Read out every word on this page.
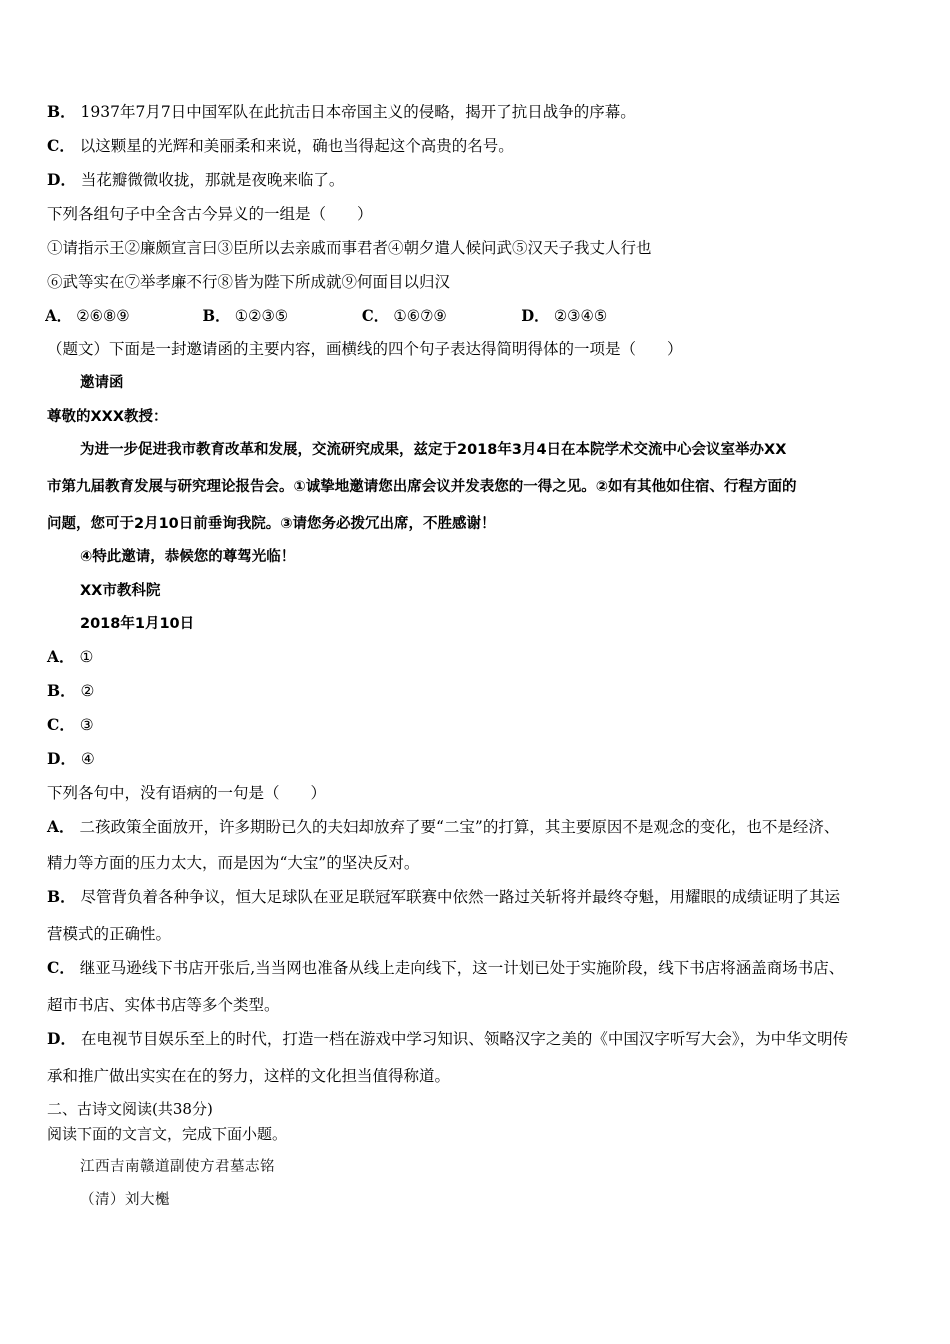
B． 1937年7月7日中国军队在此抗击日本帝国主义的侵略，揭开了抗日战争的序幕。
C． 以这颗星的光辉和美丽柔和来说，确也当得起这个高贵的名号。
D． 当花瓣微微收拢，那就是夜晚来临了。
下列各组句子中全含古今异义的一组是（　　）
①请指示王②廉颇宣言曰③臣所以去亲戚而事君者④朝夕遣人候问武⑤汉天子我丈人行也
⑥武等实在⑦举孝廉不行⑧皆为陛下所成就⑨何面目以归汉
A． ②⑥⑧⑨	B． ①②③⑤	C． ①⑥⑦⑨	D． ②③④⑤
（题文）下面是一封邀请函的主要内容，画横线的四个句子表达得简明得体的一项是（　　）
邀请函
尊敬的XXX教授：
为进一步促进我市教育改革和发展，交流研究成果，兹定于2018年3月4日在本院学术交流中心会议室举办XX
市第九届教育发展与研究理论报告会。①诚挚地邀请您出席会议并发表您的一得之见。②如有其他如住宿、行程方面的
问题，您可于2月10日前垂询我院。③请您务必拨冗出席，不胜感谢！
④特此邀请，恭候您的尊驾光临！
XX市教科院
2018年1月10日
A． ①
B． ②
C． ③
D． ④
下列各句中，没有语病的一句是（　　）
A． 二孩政策全面放开，许多期盼已久的夫妇却放弃了要“二宝”的打算，其主要原因不是观念的变化，也不是经济、
精力等方面的压力太大，而是因为“大宝”的坚决反对。
B． 尽管背负着各种争议，恒大足球队在亚足联冠军联赛中依然一路过关斩将并最终夺魁，用耀眼的成绩证明了其运
营模式的正确性。
C． 继亚马逊线下书店开张后,当当网也准备从线上走向线下，这一计划已处于实施阶段，线下书店将涵盖商场书店、
超市书店、实体书店等多个类型。
D． 在电视节目娱乐至上的时代，打造一档在游戏中学习知识、领略汉字之美的《中国汉字听写大会》，为中华文明传
承和推广做出实实在在的努力，这样的文化担当值得称道。
二、古诗文阅读(共38分)
阅读下面的文言文，完成下面小题。
江西吉南赣道副使方君墓志铭
（清）刘大櫆
